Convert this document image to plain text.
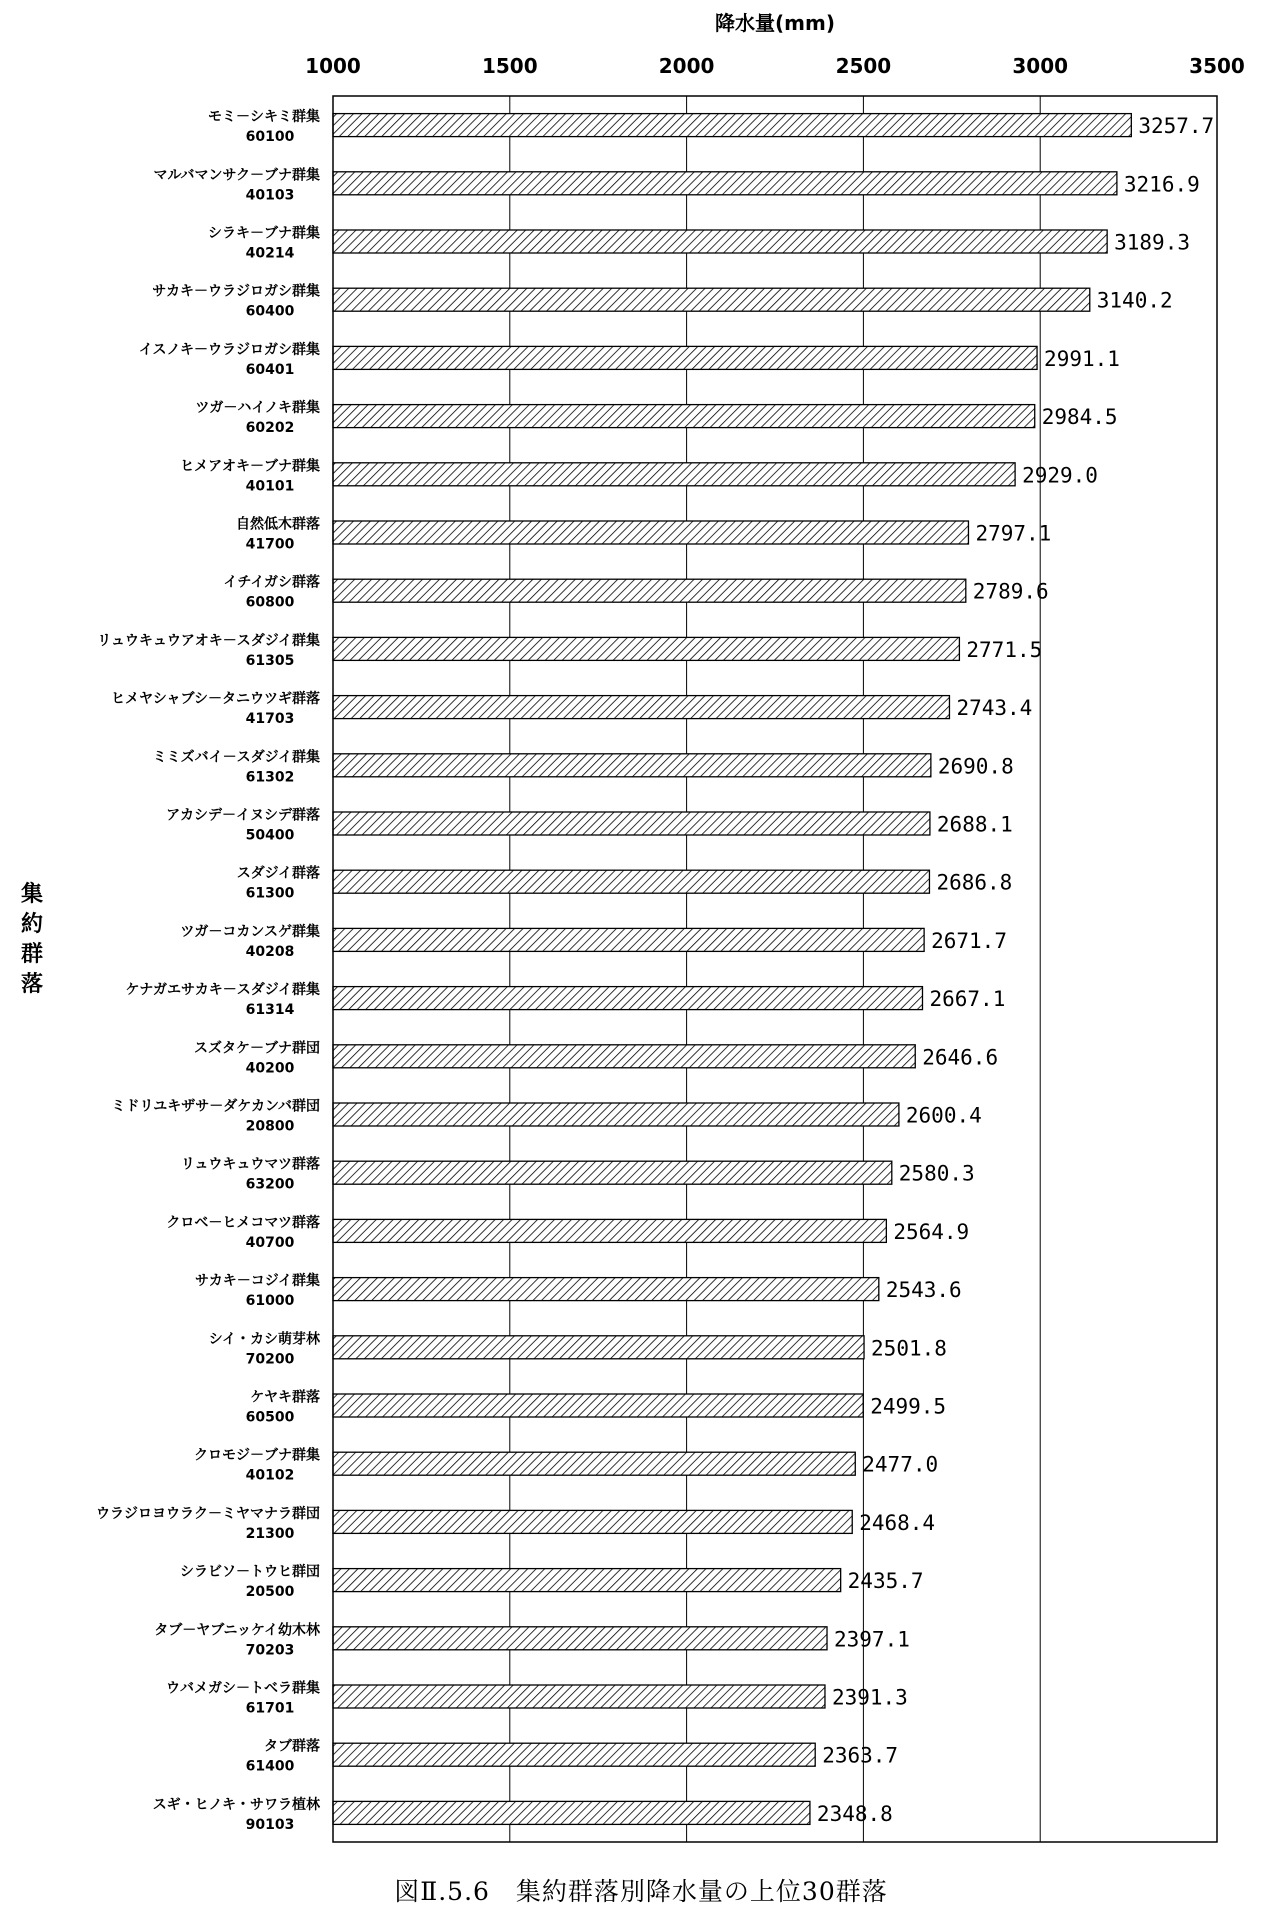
降水量(mm)
1000	1500	2000	2500	3000	3500
モミ－シキミ群集
60100
マルバマンサク－ブナ群集
40103
シラキ－ブナ群集
40214
サカキ－ウラジロガシ群集
60400
イスノキ－ウラジロガシ群集
60401
ツガ－ハイノキ群集
60202
ヒメアオキ－ブナ群集
40101
自然低木群落
41700
イチイガシ群落
60800
リュウキュウアオキ－スダジイ群集
61305
ヒメヤシャブシ－タニウツギ群落
41703
ミミズバイ－スダジイ群集
61302
アカシデ－イヌシデ群落
50400
スダジイ群落
61300
ツガ－コカンスゲ群集
40208
ケナガエサカキ－スダジイ群集
61314
スズタケ－ブナ群団
40200
ミドリユキザサ－ダケカンバ群団
20800
リュウキュウマツ群落
63200
クロベ－ヒメコマツ群落
40700
サカキ－コジイ群集
61000
シイ・カシ萌芽林
70200
ケヤキ群落
60500
クロモジ－ブナ群集
40102
ウラジロヨウラク－ミヤマナラ群団
21300
シラビソ－トウヒ群団
20500
タブ－ヤブニッケイ幼木林
70203
ウバメガシ－トベラ群集
61701
タブ群落
61400
スギ・ヒノキ・サワラ植林
90103
3257.7
3216.9
3189.3
3140.2
2991.1
2984.5
2929.0
2797.1
2789.6
2771.5
2743.4
2690.8
2688.1
2686.8
2671.7
2667.1
2646.6
2600.4
2580.3
2564.9
2543.6
2501.8
2499.5
2477.0
2468.4
2435.7
2397.1
2391.3
2363.7
2348.8
集
約
群
落
図Ⅱ.5.6　集約群落別降水量の上位30群落
